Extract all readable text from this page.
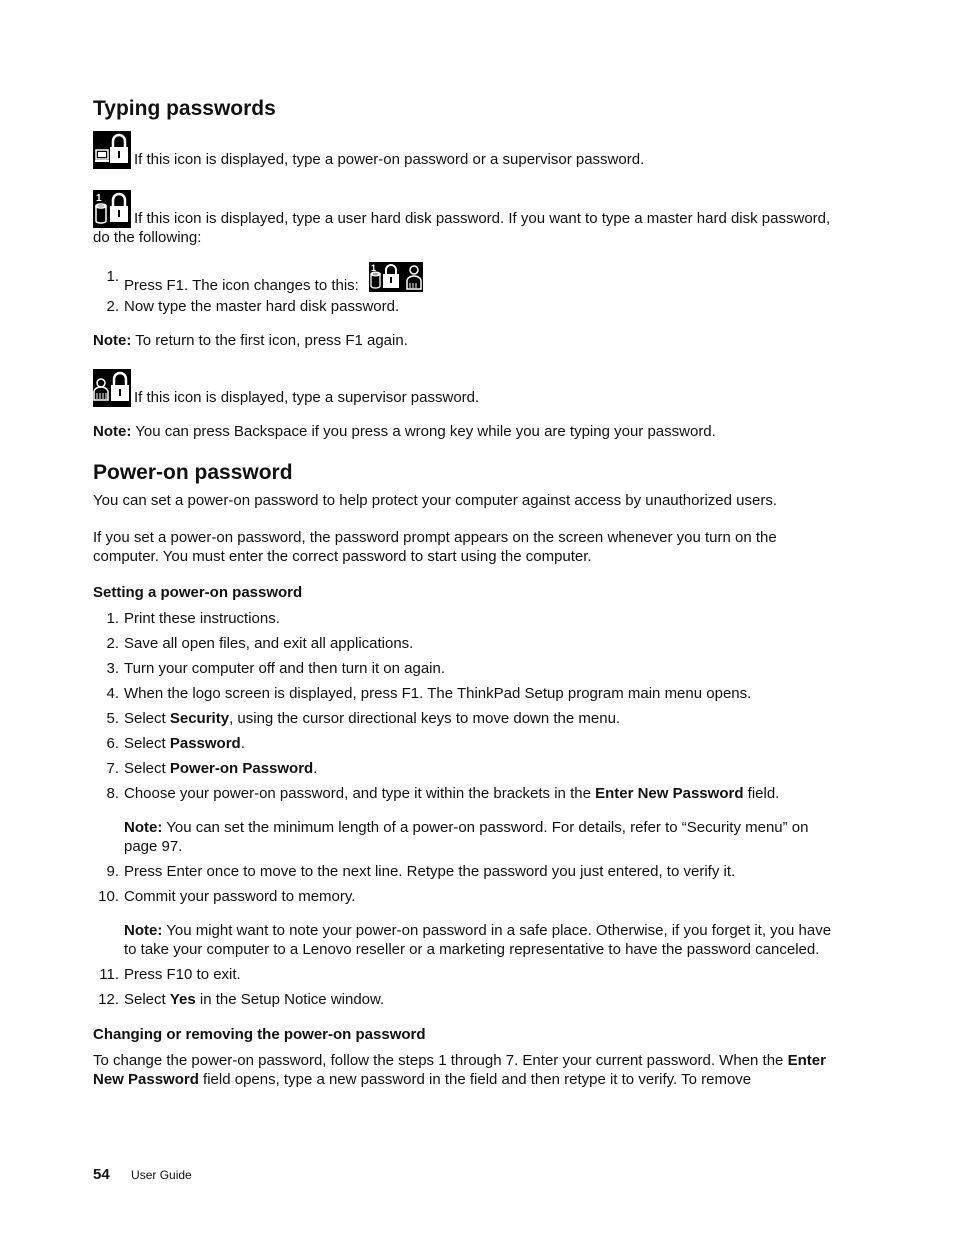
Typing passwords

If this icon is displayed, type a power-on password or a supervisor password.

1
If this icon is displayed, type a user hard disk password. If you want to type a master hard disk password, do the following:

1.
Press F1. The icon changes to this:
1
2. Now type the master hard disk password.

Note: To return to the first icon, press F1 again.

If this icon is displayed, type a supervisor password.

Note: You can press Backspace if you press a wrong key while you are typing your password.

Power-on password

You can set a power-on password to help protect your computer against access by unauthorized users.

If you set a power-on password, the password prompt appears on the screen whenever you turn on the computer. You must enter the correct password to start using the computer.

Setting a power-on password
1. Print these instructions.
2. Save all open files, and exit all applications.
3. Turn your computer off and then turn it on again.
4. When the logo screen is displayed, press F1. The ThinkPad Setup program main menu opens.
5. Select Security, using the cursor directional keys to move down the menu.
6. Select Password.
7. Select Power-on Password.
8. Choose your power-on password, and type it within the brackets in the Enter New Password field.
Note: You can set the minimum length of a power-on password. For details, refer to “Security menu” on page 97.
9. Press Enter once to move to the next line. Retype the password you just entered, to verify it.
10. Commit your password to memory.
Note: You might want to note your power-on password in a safe place. Otherwise, if you forget it, you have to take your computer to a Lenovo reseller or a marketing representative to have the password canceled.
11. Press F10 to exit.
12. Select Yes in the Setup Notice window.
Changing or removing the power-on password

To change the power-on password, follow the steps 1 through 7. Enter your current password. When the Enter New Password field opens, type a new password in the field and then retype it to verify. To remove

54 User Guide
